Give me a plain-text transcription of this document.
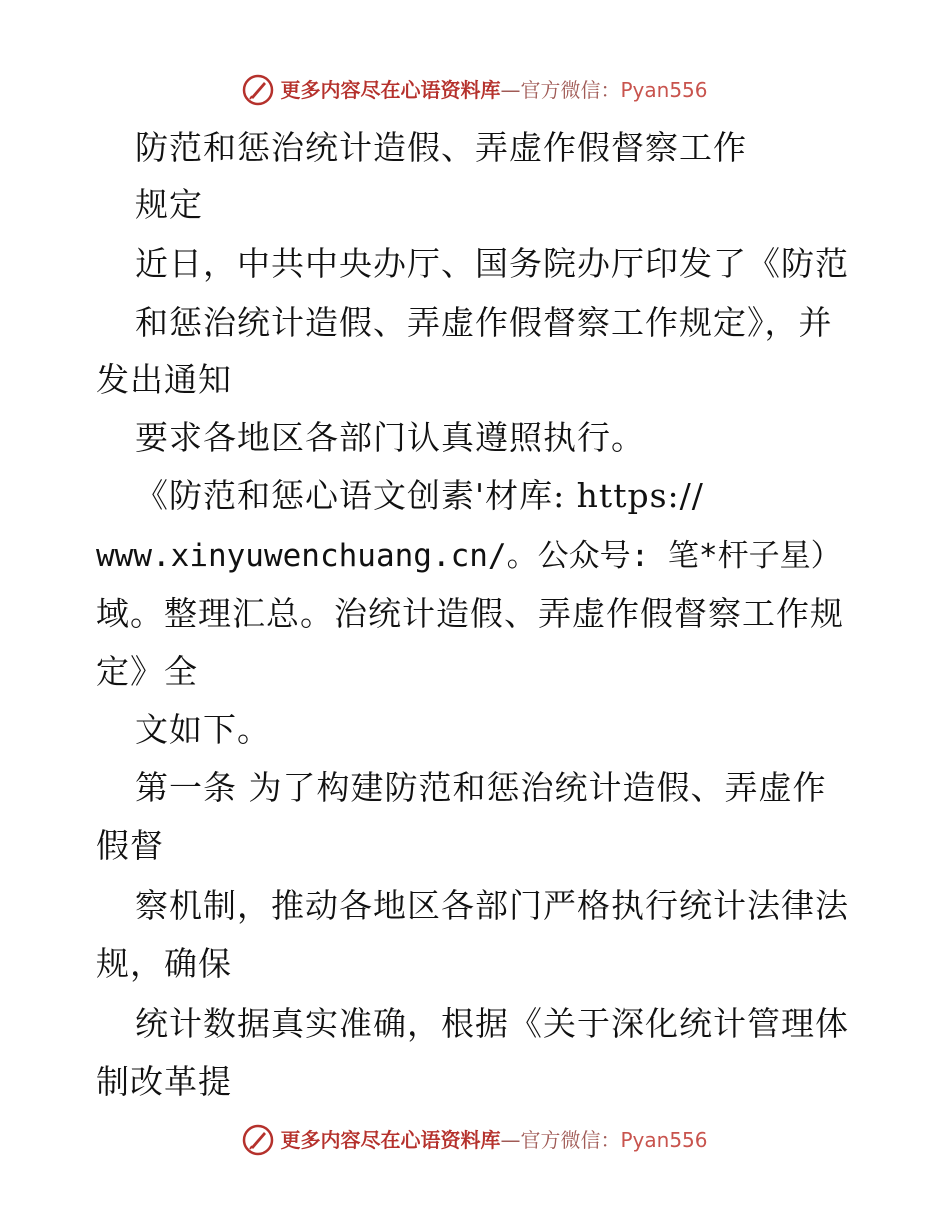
更多内容尽在心语资料库—官方微信：Pyan556
防范和惩治统计造假、弄虚作假督察工作
规定
近日，中共中央办厅、国务院办厅印发了《防范
和惩治统计造假、弄虚作假督察工作规定》，并
发出通知
要求各地区各部门认真遵照执行。
《防范和惩心语文创素'材库: https://
www.xinyuwenchuang.cn/。公众号: 笔*杆子星）
域。整理汇总。治统计造假、弄虚作假督察工作规
定》全
文如下。
第一条 为了构建防范和惩治统计造假、弄虚作
假督
察机制，推动各地区各部门严格执行统计法律法
规，确保
统计数据真实准确，根据《关于深化统计管理体
制改革提
更多内容尽在心语资料库—官方微信：Pyan556
